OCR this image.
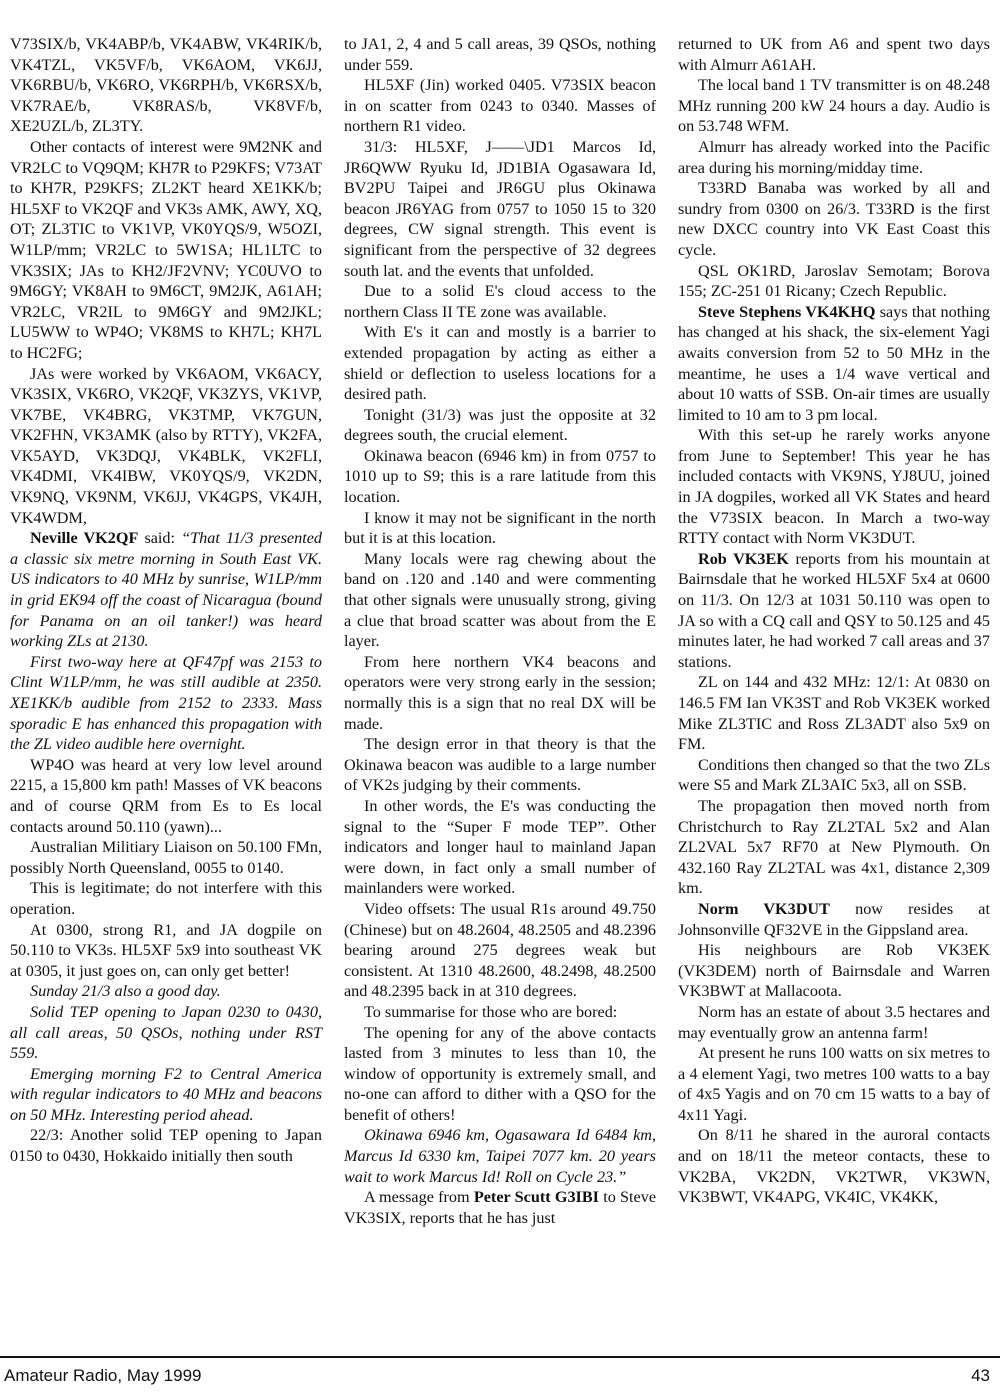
V73SIX/b, VK4ABP/b, VK4ABW, VK4RIK/b, VK4TZL, VK5VF/b, VK6AOM, VK6JJ, VK6RBU/b, VK6RO, VK6RPH/b, VK6RSX/b, VK7RAE/b, VK8RAS/b, VK8VF/b, XE2UZL/b, ZL3TY.

Other contacts of interest were 9M2NK and VR2LC to VQ9QM; KH7R to P29KFS; V73AT to KH7R, P29KFS; ZL2KT heard XE1KK/b; HL5XF to VK2QF and VK3s AMK, AWY, XQ, OT; ZL3TIC to VK1VP, VK0YQS/9, W5OZI, W1LP/mm; VR2LC to 5W1SA; HL1LTC to VK3SIX; JAs to KH2/JF2VNV; YC0UVO to 9M6GY; VK8AH to 9M6CT, 9M2JK, A61AH; VR2LC, VR2IL to 9M6GY and 9M2JKL; LU5WW to WP4O; VK8MS to KH7L; KH7L to HC2FG;

JAs were worked by VK6AOM, VK6ACY, VK3SIX, VK6RO, VK2QF, VK3ZYS, VK1VP, VK7BE, VK4BRG, VK3TMP, VK7GUN, VK2FHN, VK3AMK (also by RTTY), VK2FA, VK5AYD, VK3DQJ, VK4BLK, VK2FLI, VK4DMI, VK4IBW, VK0YQS/9, VK2DN, VK9NQ, VK9NM, VK6JJ, VK4GPS, VK4JH, VK4WDM,

Neville VK2QF said: “That 11/3 presented a classic six metre morning in South East VK. US indicators to 40 MHz by sunrise, W1LP/mm in grid EK94 off the coast of Nicaragua (bound for Panama on an oil tanker!) was heard working ZLs at 2130.

First two-way here at QF47pf was 2153 to Clint W1LP/mm, he was still audible at 2350. XE1KK/b audible from 2152 to 2333. Mass sporadic E has enhanced this propagation with the ZL video audible here overnight.

WP4O was heard at very low level around 2215, a 15,800 km path! Masses of VK beacons and of course QRM from Es to Es local contacts around 50.110 (yawn)...

Australian Militiary Liaison on 50.100 FMn, possibly North Queensland, 0055 to 0140.

This is legitimate; do not interfere with this operation.

At 0300, strong R1, and JA dogpile on 50.110 to VK3s. HL5XF 5x9 into southeast VK at 0305, it just goes on, can only get better!

Sunday 21/3 also a good day.

Solid TEP opening to Japan 0230 to 0430, all call areas, 50 QSOs, nothing under RST 559.

Emerging morning F2 to Central America with regular indicators to 40 MHz and beacons on 50 MHz. Interesting period ahead.

22/3: Another solid TEP opening to Japan 0150 to 0430, Hokkaido initially then south

to JA1, 2, 4 and 5 call areas, 39 QSOs, nothing under 559.

HL5XF (Jin) worked 0405. V73SIX beacon in on scatter from 0243 to 0340. Masses of northern R1 video.

31/3: HL5XF, J——\JD1 Marcos Id, JR6QWW Ryuku Id, JD1BIA Ogasawara Id, BV2PU Taipei and JR6GU plus Okinawa beacon JR6YAG from 0757 to 1050 15 to 320 degrees, CW signal strength. This event is significant from the perspective of 32 degrees south lat. and the events that unfolded.

Due to a solid E's cloud access to the northern Class II TE zone was available.

With E's it can and mostly is a barrier to extended propagation by acting as either a shield or deflection to useless locations for a desired path.

Tonight (31/3) was just the opposite at 32 degrees south, the crucial element.

Okinawa beacon (6946 km) in from 0757 to 1010 up to S9; this is a rare latitude from this location.

I know it may not be significant in the north but it is at this location.

Many locals were rag chewing about the band on .120 and .140 and were commenting that other signals were unusually strong, giving a clue that broad scatter was about from the E layer.

From here northern VK4 beacons and operators were very strong early in the session; normally this is a sign that no real DX will be made.

The design error in that theory is that the Okinawa beacon was audible to a large number of VK2s judging by their comments.

In other words, the E's was conducting the signal to the “Super F mode TEP”. Other indicators and longer haul to mainland Japan were down, in fact only a small number of mainlanders were worked.

Video offsets: The usual R1s around 49.750 (Chinese) but on 48.2604, 48.2505 and 48.2396 bearing around 275 degrees weak but consistent. At 1310 48.2600, 48.2498, 48.2500 and 48.2395 back in at 310 degrees.

To summarise for those who are bored:

The opening for any of the above contacts lasted from 3 minutes to less than 10, the window of opportunity is extremely small, and no-one can afford to dither with a QSO for the benefit of others!

Okinawa 6946 km, Ogasawara Id 6484 km, Marcus Id 6330 km, Taipei 7077 km. 20 years wait to work Marcus Id! Roll on Cycle 23.”

A message from Peter Scutt G3IBI to Steve VK3SIX, reports that he has just

returned to UK from A6 and spent two days with Almurr A61AH.

The local band 1 TV transmitter is on 48.248 MHz running 200 kW 24 hours a day. Audio is on 53.748 WFM.

Almurr has already worked into the Pacific area during his morning/midday time.

T33RD Banaba was worked by all and sundry from 0300 on 26/3. T33RD is the first new DXCC country into VK East Coast this cycle.

QSL OK1RD, Jaroslav Semotam; Borova 155; ZC-251 01 Ricany; Czech Republic.

Steve Stephens VK4KHQ says that nothing has changed at his shack, the six-element Yagi awaits conversion from 52 to 50 MHz in the meantime, he uses a 1/4 wave vertical and about 10 watts of SSB. On-air times are usually limited to 10 am to 3 pm local.

With this set-up he rarely works anyone from June to September! This year he has included contacts with VK9NS, YJ8UU, joined in JA dogpiles, worked all VK States and heard the V73SIX beacon. In March a two-way RTTY contact with Norm VK3DUT.

Rob VK3EK reports from his mountain at Bairnsdale that he worked HL5XF 5x4 at 0600 on 11/3. On 12/3 at 1031 50.110 was open to JA so with a CQ call and QSY to 50.125 and 45 minutes later, he had worked 7 call areas and 37 stations.

ZL on 144 and 432 MHz: 12/1: At 0830 on 146.5 FM Ian VK3ST and Rob VK3EK worked Mike ZL3TIC and Ross ZL3ADT also 5x9 on FM.

Conditions then changed so that the two ZLs were S5 and Mark ZL3AIC 5x3, all on SSB.

The propagation then moved north from Christchurch to Ray ZL2TAL 5x2 and Alan ZL2VAL 5x7 RF70 at New Plymouth. On 432.160 Ray ZL2TAL was 4x1, distance 2,309 km.

Norm VK3DUT now resides at Johnsonville QF32VE in the Gippsland area.

His neighbours are Rob VK3EK (VK3DEM) north of Bairnsdale and Warren VK3BWT at Mallacoota.

Norm has an estate of about 3.5 hectares and may eventually grow an antenna farm!

At present he runs 100 watts on six metres to a 4 element Yagi, two metres 100 watts to a bay of 4x5 Yagis and on 70 cm 15 watts to a bay of 4x11 Yagi.

On 8/11 he shared in the auroral contacts and on 18/11 the meteor contacts, these to VK2BA, VK2DN, VK2TWR, VK3WN, VK3BWT, VK4APG, VK4IC, VK4KK,

Amateur Radio, May 1999	43
